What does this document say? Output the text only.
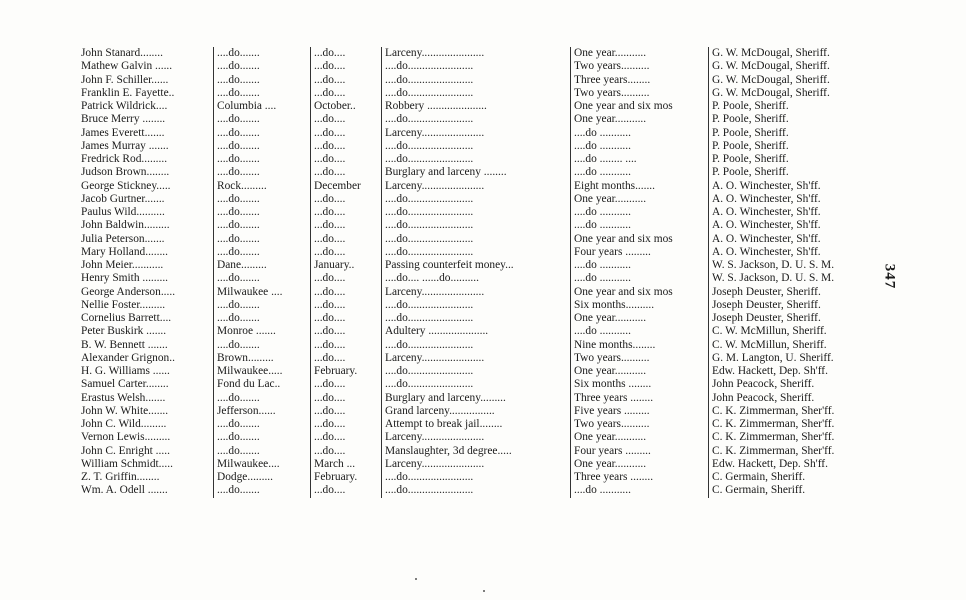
John Stanard........	....do.......	...do....	Larceny......................	One year...........	G. W. McDougal, Sheriff.
Mathew Galvin ......	....do.......	...do....	....do.......................	Two years..........	G. W. McDougal, Sheriff.
John F. Schiller......	....do.......	...do....	....do.......................	Three years........	G. W. McDougal, Sheriff.
Franklin E. Fayette..	....do.......	...do....	....do.......................	Two years..........	G. W. McDougal, Sheriff.
Patrick Wildrick....	Columbia ....	October..	Robbery .....................	One year and six mos	P. Poole, Sheriff.
Bruce Merry ........	....do.......	...do....	....do.......................	One year...........	P. Poole, Sheriff.
James Everett.......	....do.......	...do....	Larceny......................	....do ...........	P. Poole, Sheriff.
James Murray .......	....do.......	...do....	....do.......................	....do ...........	P. Poole, Sheriff.
Fredrick Rod.........	....do.......	...do....	....do.......................	....do ........ ....	P. Poole, Sheriff.
Judson Brown........	....do.......	...do....	Burglary and larceny ........	....do ...........	P. Poole, Sheriff.
George Stickney.....	Rock.........	December	Larceny......................	Eight months.......	A. O. Winchester, Sh'ff.
Jacob Gurtner.......	....do.......	...do....	....do.......................	One year...........	A. O. Winchester, Sh'ff.
Paulus Wild..........	....do.......	...do....	....do.......................	....do ...........	A. O. Winchester, Sh'ff.
John Baldwin.........	....do.......	...do....	....do.......................	....do ...........	A. O. Winchester, Sh'ff.
Julia Peterson.......	....do.......	...do....	....do.......................	One year and six mos	A. O. Winchester, Sh'ff.
Mary Holland........	....do.......	...do....	....do.......................	Four years .........	A. O. Winchester, Sh'ff.
John Meier...........	Dane.........	January..	Passing counterfeit money...	....do ...........	W. S. Jackson, D. U. S. M.
Henry Smith .........	....do.......	...do....	....do.... ......do..........	....do ...........	W. S. Jackson, D. U. S. M.
George Anderson.....	Milwaukee ....	...do....	Larceny......................	One year and six mos	Joseph Deuster, Sheriff.
Nellie Foster.........	....do.......	...do....	....do.......................	Six months..........	Joseph Deuster, Sheriff.
Cornelius Barrett....	....do.......	...do....	....do.......................	One year...........	Joseph Deuster, Sheriff.
Peter Buskirk .......	Monroe .......	...do....	Adultery .....................	....do ...........	C. W. McMillun, Sheriff.
B. W. Bennett .......	....do.......	...do....	....do.......................	Nine months........	C. W. McMillun, Sheriff.
Alexander Grignon..	Brown.........	...do....	Larceny......................	Two years..........	G. M. Langton, U. Sheriff.
H. G. Williams ......	Milwaukee.....	February.	....do.......................	One year...........	Edw. Hackett, Dep. Sh'ff.
Samuel Carter........	Fond du Lac..	...do....	....do.......................	Six months ........	John Peacock, Sheriff.
Erastus Welsh.......	....do.......	...do....	Burglary and larceny.........	Three years ........	John Peacock, Sheriff.
John W. White.......	Jefferson......	...do....	Grand larceny................	Five years .........	C. K. Zimmerman, Sher'ff.
John C. Wild.........	....do.......	...do....	Attempt to break jail........	Two years..........	C. K. Zimmerman, Sher'ff.
Vernon Lewis.........	....do.......	...do....	Larceny......................	One year...........	C. K. Zimmerman, Sher'ff.
John C. Enright .....	....do.......	...do....	Manslaughter, 3d degree.....	Four years .........	C. K. Zimmerman, Sher'ff.
William Schmidt.....	Milwaukee....	March ...	Larceny......................	One year...........	Edw. Hackett, Dep. Sh'ff.
Z. T. Griffin........	Dodge.........	February.	....do.......................	Three years ........	C. Germain, Sheriff.
Wm. A. Odell .......	....do.......	...do....	....do.......................	....do ...........	C. Germain, Sheriff.
347
